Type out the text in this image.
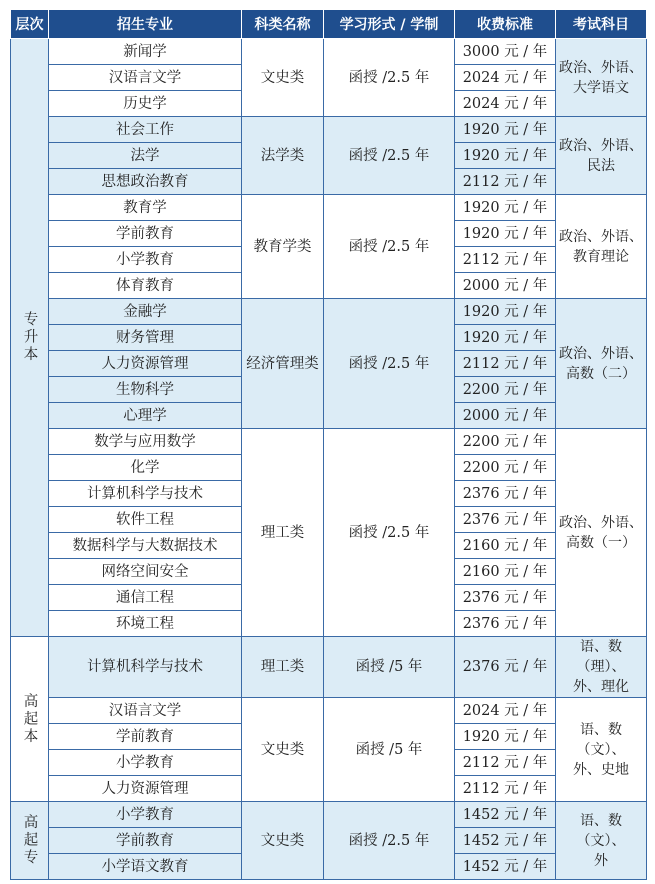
层次	招生专业	科类名称	学习形式 / 学制	收费标准	考试科目
专升本	新闻学	文史类	函授 /2.5 年	3000 元 / 年	政治、外语、
大学语文

	汉语言文学			2024 元 / 年	
	历史学			2024 元 / 年	
	社会工作	法学类	函授 /2.5 年	1920 元 / 年	政治、外语、
民法

	法学			1920 元 / 年	
	思想政治教育			2112 元 / 年	
	教育学	教育学类	函授 /2.5 年	1920 元 / 年	政治、外语、
教育理论

	学前教育			1920 元 / 年	
	小学教育			2112 元 / 年	
	体育教育			2000 元 / 年	
	金融学	经济管理类	函授 /2.5 年	1920 元 / 年	政治、外语、
高数（二）

	财务管理			1920 元 / 年	
	人力资源管理			2112 元 / 年	
	生物科学			2200 元 / 年	
	心理学			2000 元 / 年	
	数学与应用数学	理工类	函授 /2.5 年	2200 元 / 年	政治、外语、
高数（一）

	化学			2200 元 / 年	
	计算机科学与技术			2376 元 / 年	
	软件工程			2376 元 / 年	
	数据科学与大数据技术			2160 元 / 年	
	网络空间安全			2160 元 / 年	
	通信工程			2376 元 / 年	
	环境工程			2376 元 / 年	
高起本	计算机科学与技术	理工类	函授 /5 年	2376 元 / 年	语、数（理）、
外、理化

	汉语言文学	文史类	函授 /5 年	2024 元 / 年	语、数（文）、
外、史地

	学前教育			1920 元 / 年	
	小学教育			2112 元 / 年	
	人力资源管理			2112 元 / 年	
高起专	小学教育	文史类	函授 /2.5 年	1452 元 / 年	语、数（文）、
外

	学前教育			1452 元 / 年	
	小学语文教育			1452 元 / 年	
